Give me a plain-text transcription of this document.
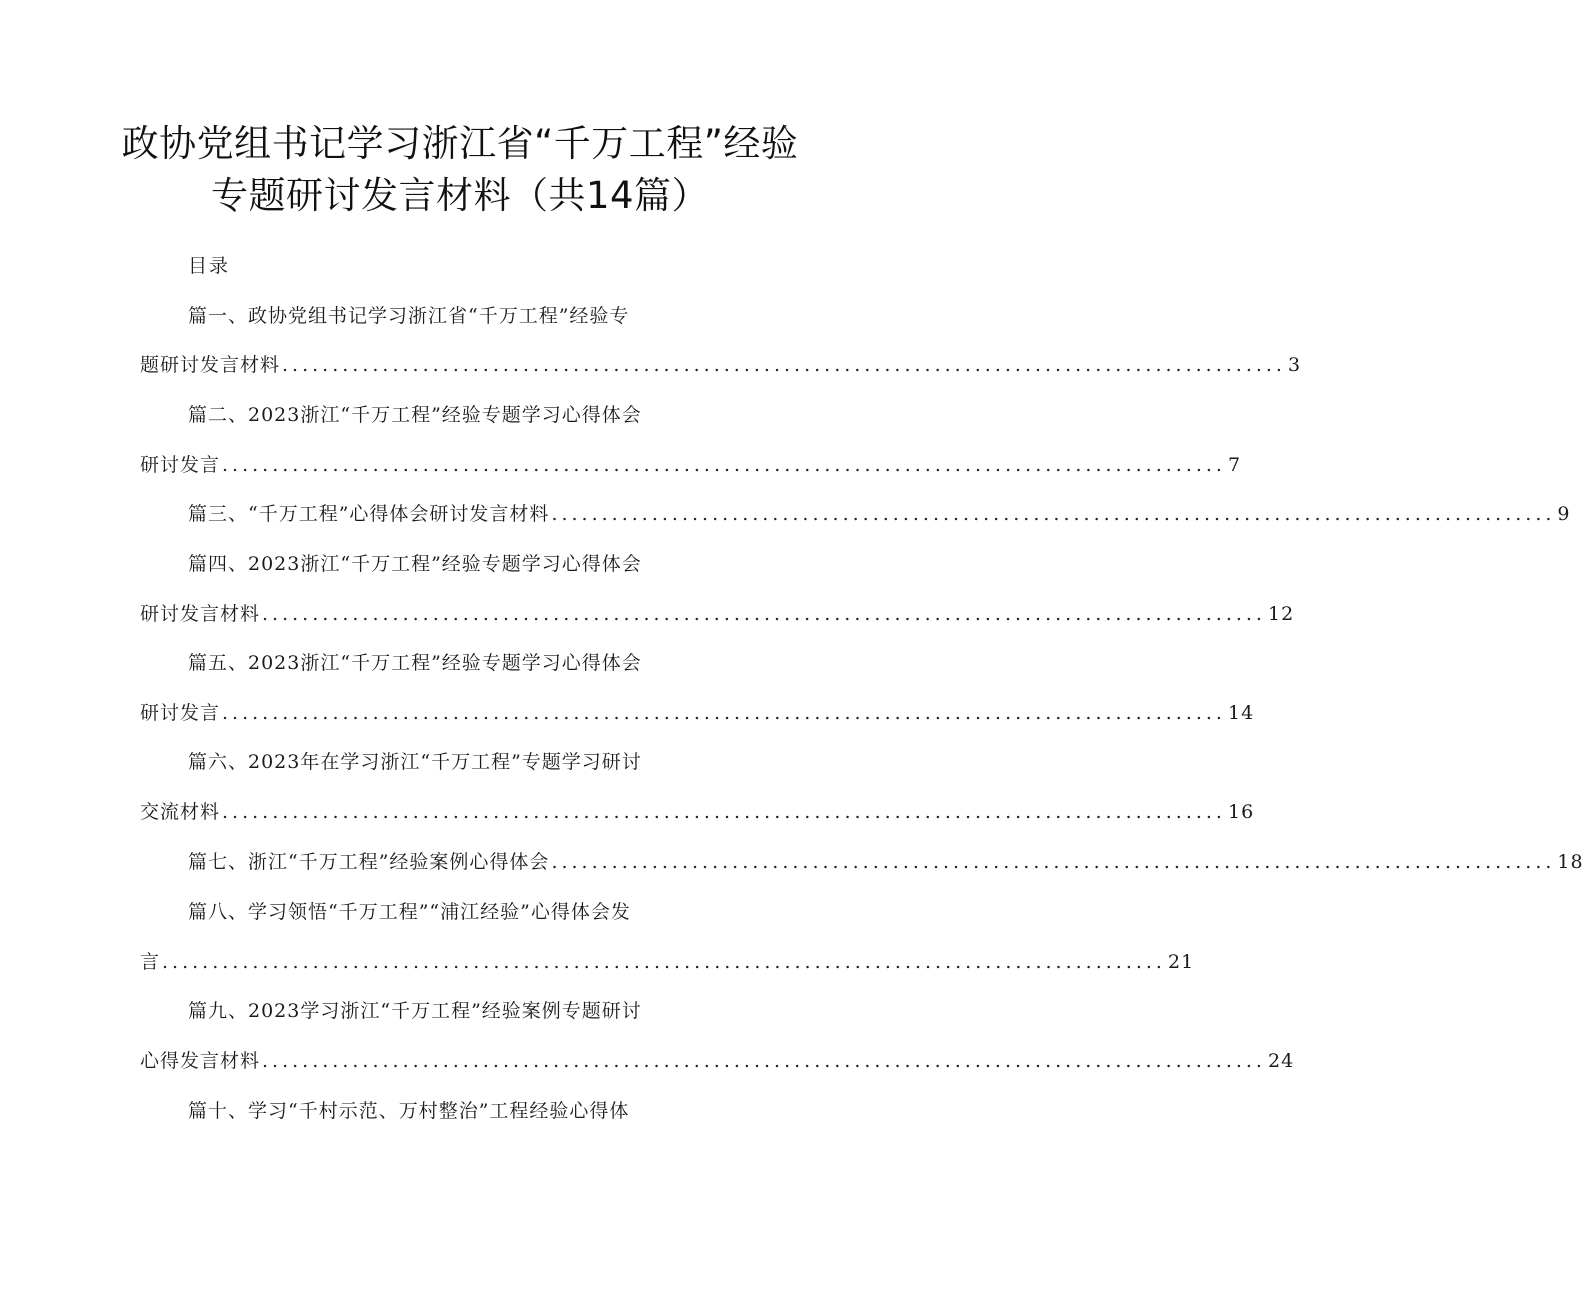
政协党组书记学习浙江省“千万工程”经验
专题研讨发言材料（共14篇）
目录
篇一、政协党组书记学习浙江省“千万工程”经验专
题研讨发言材料 .................................................................................................... 3
篇二、2023浙江“千万工程”经验专题学习心得体会
研讨发言 .................................................................................................... 7
篇三、“千万工程”心得体会研讨发言材料 .................................................................................................... 9
篇四、2023浙江“千万工程”经验专题学习心得体会
研讨发言材料 .................................................................................................... 12
篇五、2023浙江“千万工程”经验专题学习心得体会
研讨发言 .................................................................................................... 14
篇六、2023年在学习浙江“千万工程”专题学习研讨
交流材料 .................................................................................................... 16
篇七、浙江“千万工程”经验案例心得体会 .................................................................................................... 18
篇八、学习领悟“千万工程”“浦江经验”心得体会发
言 .................................................................................................... 21
篇九、2023学习浙江“千万工程”经验案例专题研讨
心得发言材料 .................................................................................................... 24
篇十、学习“千村示范、万村整治”工程经验心得体
